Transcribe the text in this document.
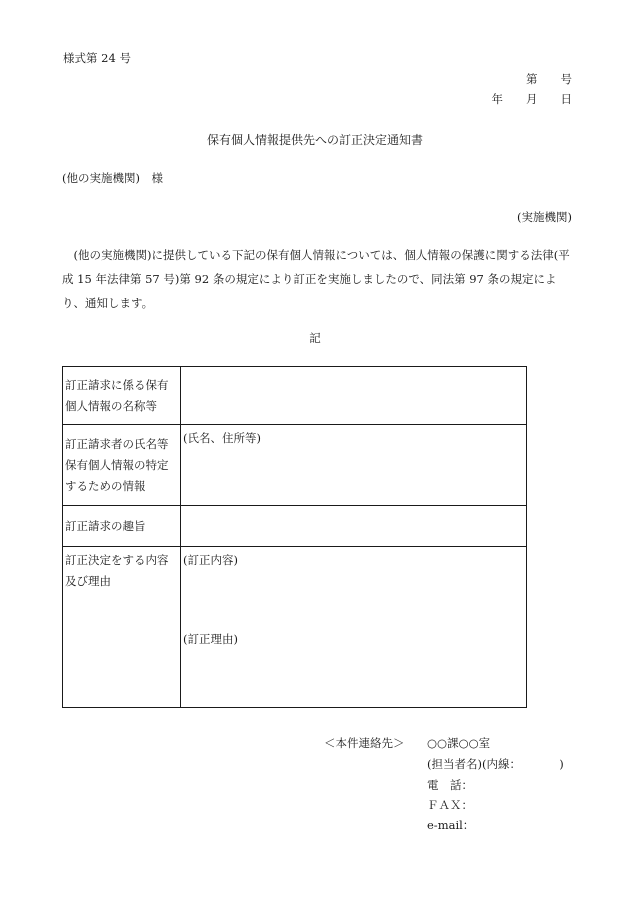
様式第 24 号
第　　号
年　　月　　日
保有個人情報提供先への訂正決定通知書
(他の実施機関)　様
(実施機関)
(他の実施機関)に提供している下記の保有個人情報については、個人情報の保護に関する法律(平成 15 年法律第 57 号)第 92 条の規定により訂正を実施しましたので、同法第 97 条の規定により、通知します。
記
訂正請求に係る保有個人情報の名称等	
訂正請求者の氏名等保有個人情報の特定するための情報	(氏名、住所等)
訂正請求の趣旨	
訂正決定をする内容及び理由	(訂正内容)
(訂正理由)
＜本件連絡先＞ ○○課○○室
(担当者名)(内線：	)
電　話：
ＦＡＸ：
e-mail：
